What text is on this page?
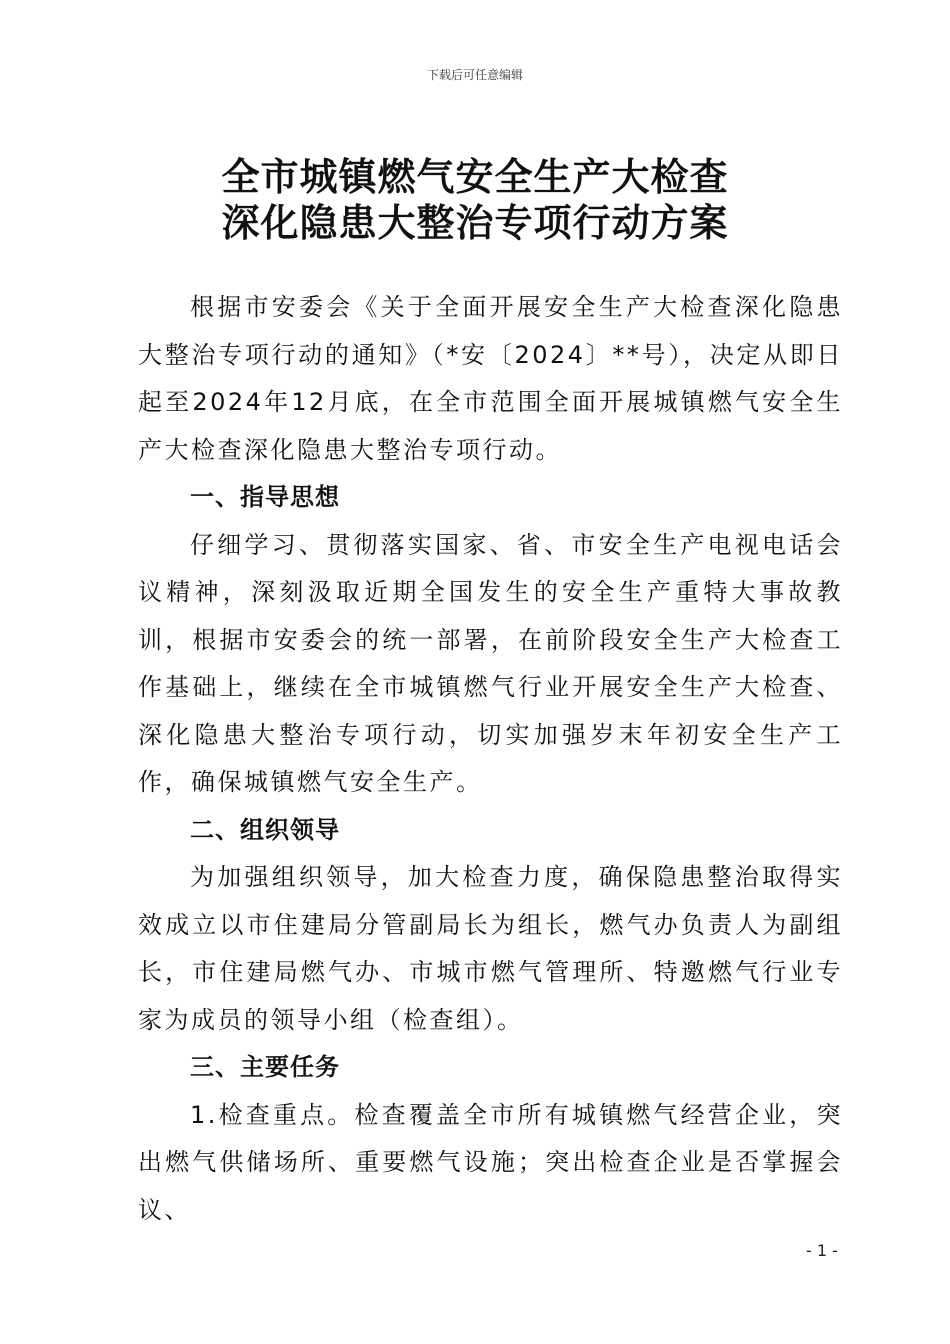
下载后可任意编辑
全市城镇燃气安全生产大检查
深化隐患大整治专项行动方案

根据市安委会《关于全面开展安全生产大检查深化隐患大整治专项行动的通知》（*安〔2024〕**号），决定从即日起至2024年12月底，在全市范围全面开展城镇燃气安全生产大检查深化隐患大整治专项行动。

一、指导思想

仔细学习、贯彻落实国家、省、市安全生产电视电话会议精神，深刻汲取近期全国发生的安全生产重特大事故教训，根据市安委会的统一部署，在前阶段安全生产大检查工作基础上，继续在全市城镇燃气行业开展安全生产大检查、深化隐患大整治专项行动，切实加强岁末年初安全生产工作，确保城镇燃气安全生产。

二、组织领导

为加强组织领导，加大检查力度，确保隐患整治取得实效成立以市住建局分管副局长为组长，燃气办负责人为副组长，市住建局燃气办、市城市燃气管理所、特邀燃气行业专家为成员的领导小组（检查组）。

三、主要任务

1.检查重点。检查覆盖全市所有城镇燃气经营企业，突出燃气供储场所、重要燃气设施；突出检查企业是否掌握会议、

- 1 -
